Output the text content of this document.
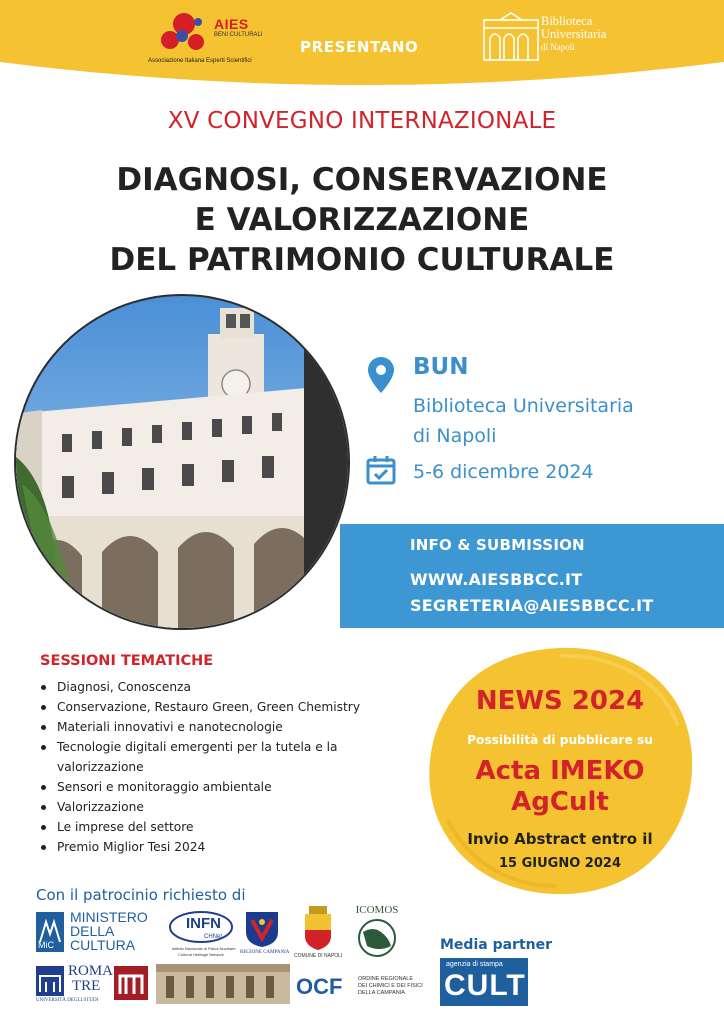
AIES
BENI CULTURALI
Associazione Italiana Esperti Scientifici
PRESENTANO
Biblioteca
Universitaria
di Napoli
XV CONVEGNO INTERNAZIONALE
DIAGNOSI, CONSERVAZIONE
E VALORIZZAZIONE
DEL PATRIMONIO CULTURALE
BUN
Biblioteca Universitaria
di Napoli
5-6 dicembre 2024
INFO & SUBMISSION
WWW.AIESBBCC.IT
SEGRETERIA@AIESBBCC.IT
SESSIONI TEMATICHE
Diagnosi, Conoscenza
Conservazione, Restauro Green, Green Chemistry
Materiali innovativi e nanotecnologie
Tecnologie digitali emergenti per la tutela e la valorizzazione
Sensori e monitoraggio ambientale
Valorizzazione
Le imprese del settore
Premio Miglior Tesi 2024
NEWS 2024
Possibilità di pubblicare su
Acta IMEKO
AgCult
Invio Abstract entro il
15 GIUGNO 2024
Con il patrocinio richiesto di
Media partner
MINISTERO
DELLA
CULTURA
MiC
INFN
CHNet
Istituto Nazionale di Fisica Nucleare
Cultural Heritage Network	REGIONE CAMPANIA
COMUNE DI NAPOLI
ICOMOS
ROMA
TRE
UNIVERSITÀ DEGLI STUDI
OCF	ORDINE REGIONALE
DEI CHIMICI E DEI FISICI
DELLA CAMPANIA
agenzia di stampa
CULT
